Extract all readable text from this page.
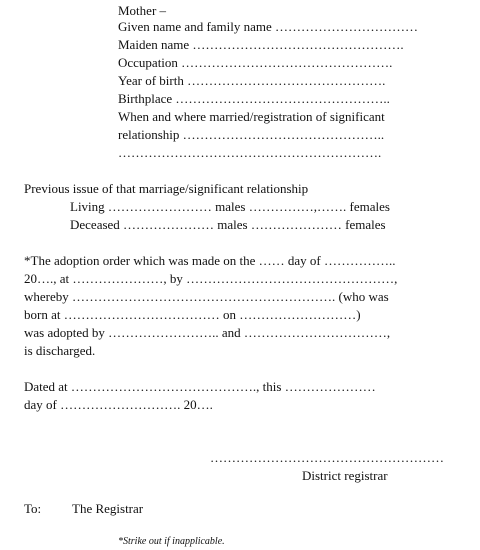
Mother –
Given name and family name ……………………………
Maiden name ………………………………………….
Occupation ………………………………………….
Year of birth ……………………………………….
Birthplace …………………………………………..
When and where married/registration of significant
relationship ………………………………………..
…………………………………………………….
Previous issue of that marriage/significant relationship
Living …………………… males ……………,……. females
Deceased ………………… males ………………… females
*The adoption order which was made on the …… day of ……………..
20…., at …………………, by …………………………………………,
whereby ……………………………………………………. (who was
born at ……………………………… on ………………………)
was adopted by …………………….. and ……………………………,
is discharged.
Dated at ……………………………………., this …………………
day of ………………………. 20….
………………………………………………
District registrar
To: The Registrar
*Strike out if inapplicable.
